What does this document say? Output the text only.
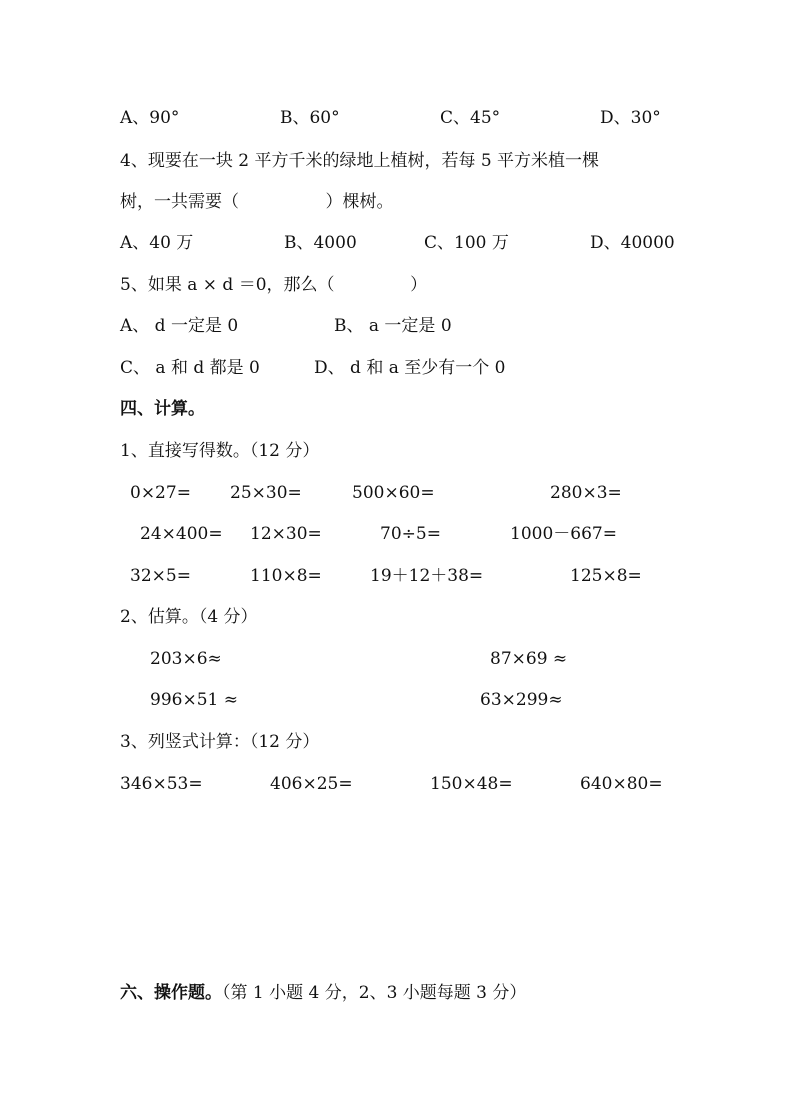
A、90°	B、60°	C、45°	D、30°
4、现要在一块 2 平方千米的绿地上植树，若每 5 平方米植一棵
树，一共需要（                ）棵树。
A、40 万	B、4000	C、100 万	D、40000
5、如果 a × d ＝0，那么（              ）
A、 d 一定是 0	B、 a 一定是 0
C、 a 和 d 都是 0	D、 d 和 a 至少有一个 0
四、计算。
1、直接写得数。（12 分）
0×27= 25×30=	500×60=	280×3=
24×400= 12×30=	70÷5=	1000－667=
32×5=	110×8=	19＋12＋38=	125×8=
2、估算。（4 分）
203×6≈	87×69 ≈
996×51 ≈	63×299≈
3、列竖式计算：（12 分）
346×53=	406×25=	150×48=	640×80=
六、操作题。（第 1 小题 4 分，2、3 小题每题 3 分）
